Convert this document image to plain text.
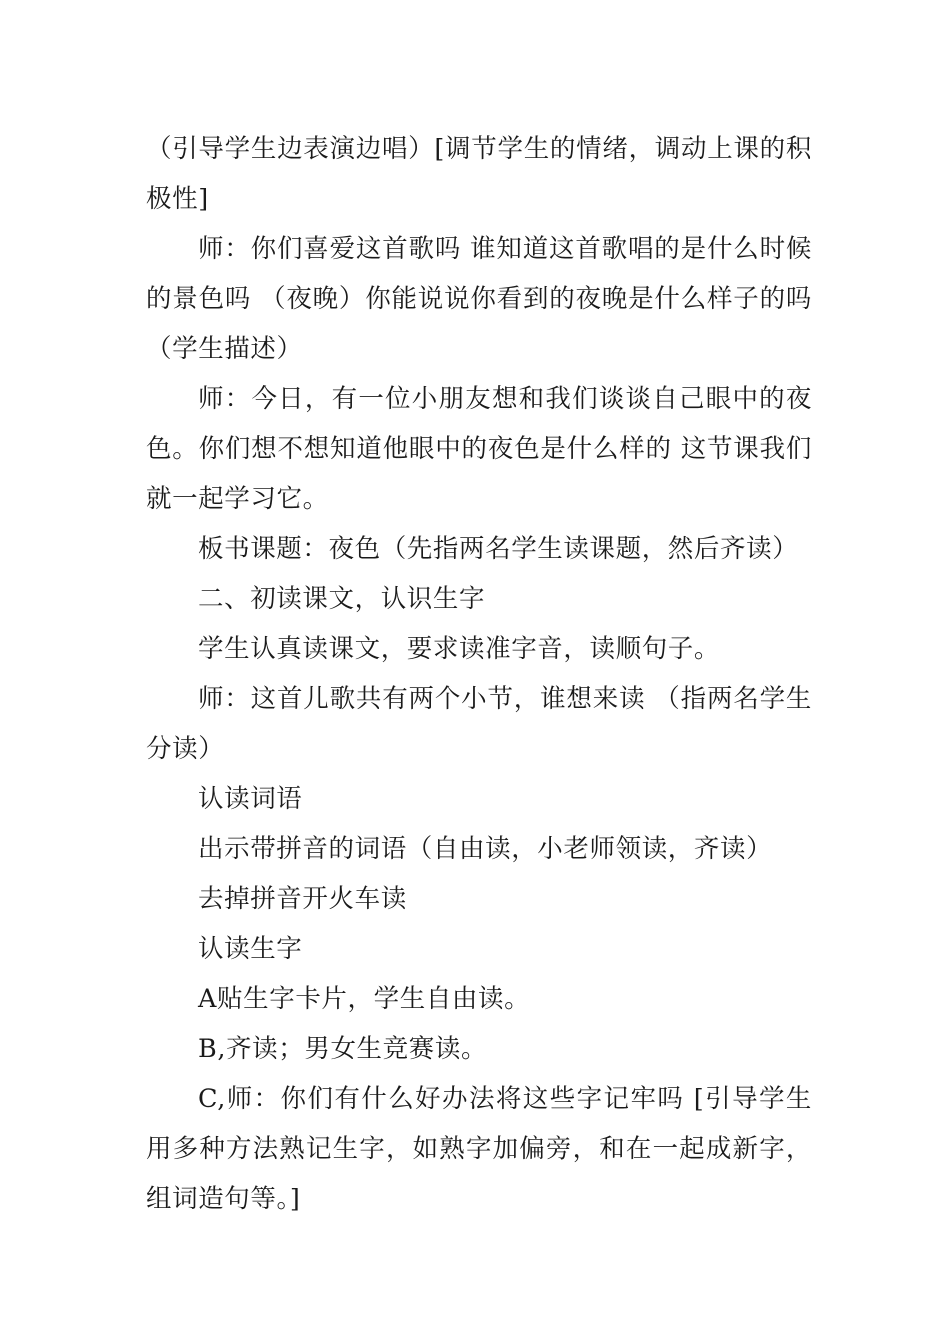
（引导学生边表演边唱）[调节学生的情绪，调动上课的积极性]

师：你们喜爱这首歌吗 谁知道这首歌唱的是什么时候的景色吗 （夜晚）你能说说你看到的夜晚是什么样子的吗（学生描述）

师：今日，有一位小朋友想和我们谈谈自己眼中的夜色。你们想不想知道他眼中的夜色是什么样的 这节课我们就一起学习它。

板书课题：夜色（先指两名学生读课题，然后齐读）

二、初读课文，认识生字

学生认真读课文，要求读准字音，读顺句子。

师：这首儿歌共有两个小节，谁想来读 （指两名学生分读）

认读词语

出示带拼音的词语（自由读，小老师领读，齐读）

去掉拼音开火车读

认读生字

A贴生字卡片，学生自由读。

B,齐读；男女生竞赛读。

C,师：你们有什么好办法将这些字记牢吗 [引导学生用多种方法熟记生字，如熟字加偏旁，和在一起成新字，组词造句等。]
